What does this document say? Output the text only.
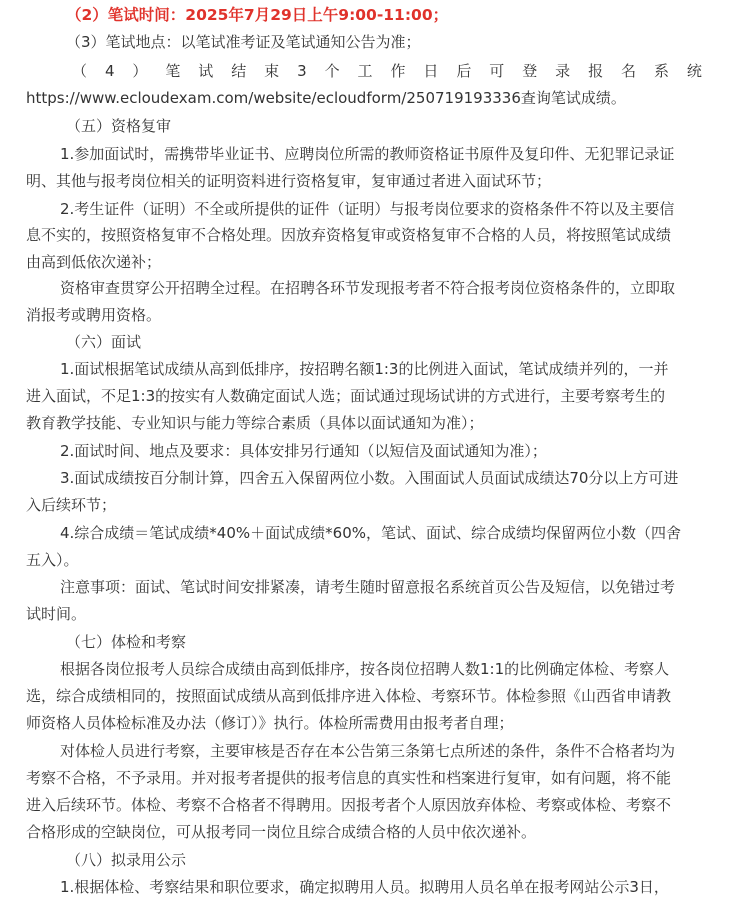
（2）笔试时间：2025年7月29日上午9:00-11:00；
（3）笔试地点：以笔试准考证及笔试通知公告为准；
（ 4 ） 笔 试 结 束 3 个 工 作 日 后 可 登 录 报 名 系 统
https://www.ecloudexam.com/website/ecloudform/250719193336查询笔试成绩。
（五）资格复审
1.参加面试时，需携带毕业证书、应聘岗位所需的教师资格证书原件及复印件、无犯罪记录证
明、其他与报考岗位相关的证明资料进行资格复审，复审通过者进入面试环节；
2.考生证件（证明）不全或所提供的证件（证明）与报考岗位要求的资格条件不符以及主要信
息不实的，按照资格复审不合格处理。因放弃资格复审或资格复审不合格的人员，将按照笔试成绩
由高到低依次递补；
资格审查贯穿公开招聘全过程。在招聘各环节发现报考者不符合报考岗位资格条件的，立即取
消报考或聘用资格。
（六）面试
1.面试根据笔试成绩从高到低排序，按招聘名额1:3的比例进入面试，笔试成绩并列的，一并
进入面试，不足1:3的按实有人数确定面试人选；面试通过现场试讲的方式进行，主要考察考生的
教育教学技能、专业知识与能力等综合素质（具体以面试通知为准）；
2.面试时间、地点及要求：具体安排另行通知（以短信及面试通知为准）；
3.面试成绩按百分制计算，四舍五入保留两位小数。入围面试人员面试成绩达70分以上方可进
入后续环节；
4.综合成绩＝笔试成绩*40%＋面试成绩*60%，笔试、面试、综合成绩均保留两位小数（四舍
五入）。
注意事项：面试、笔试时间安排紧凑，请考生随时留意报名系统首页公告及短信，以免错过考
试时间。
（七）体检和考察
根据各岗位报考人员综合成绩由高到低排序，按各岗位招聘人数1:1的比例确定体检、考察人
选，综合成绩相同的，按照面试成绩从高到低排序进入体检、考察环节。体检参照《山西省申请教
师资格人员体检标准及办法（修订）》执行。体检所需费用由报考者自理；
对体检人员进行考察，主要审核是否存在本公告第三条第七点所述的条件，条件不合格者均为
考察不合格，不予录用。并对报考者提供的报考信息的真实性和档案进行复审，如有问题，将不能
进入后续环节。体检、考察不合格者不得聘用。因报考者个人原因放弃体检、考察或体检、考察不
合格形成的空缺岗位，可从报考同一岗位且综合成绩合格的人员中依次递补。
（八）拟录用公示
1.根据体检、考察结果和职位要求，确定拟聘用人员。拟聘用人员名单在报考网站公示3日，
